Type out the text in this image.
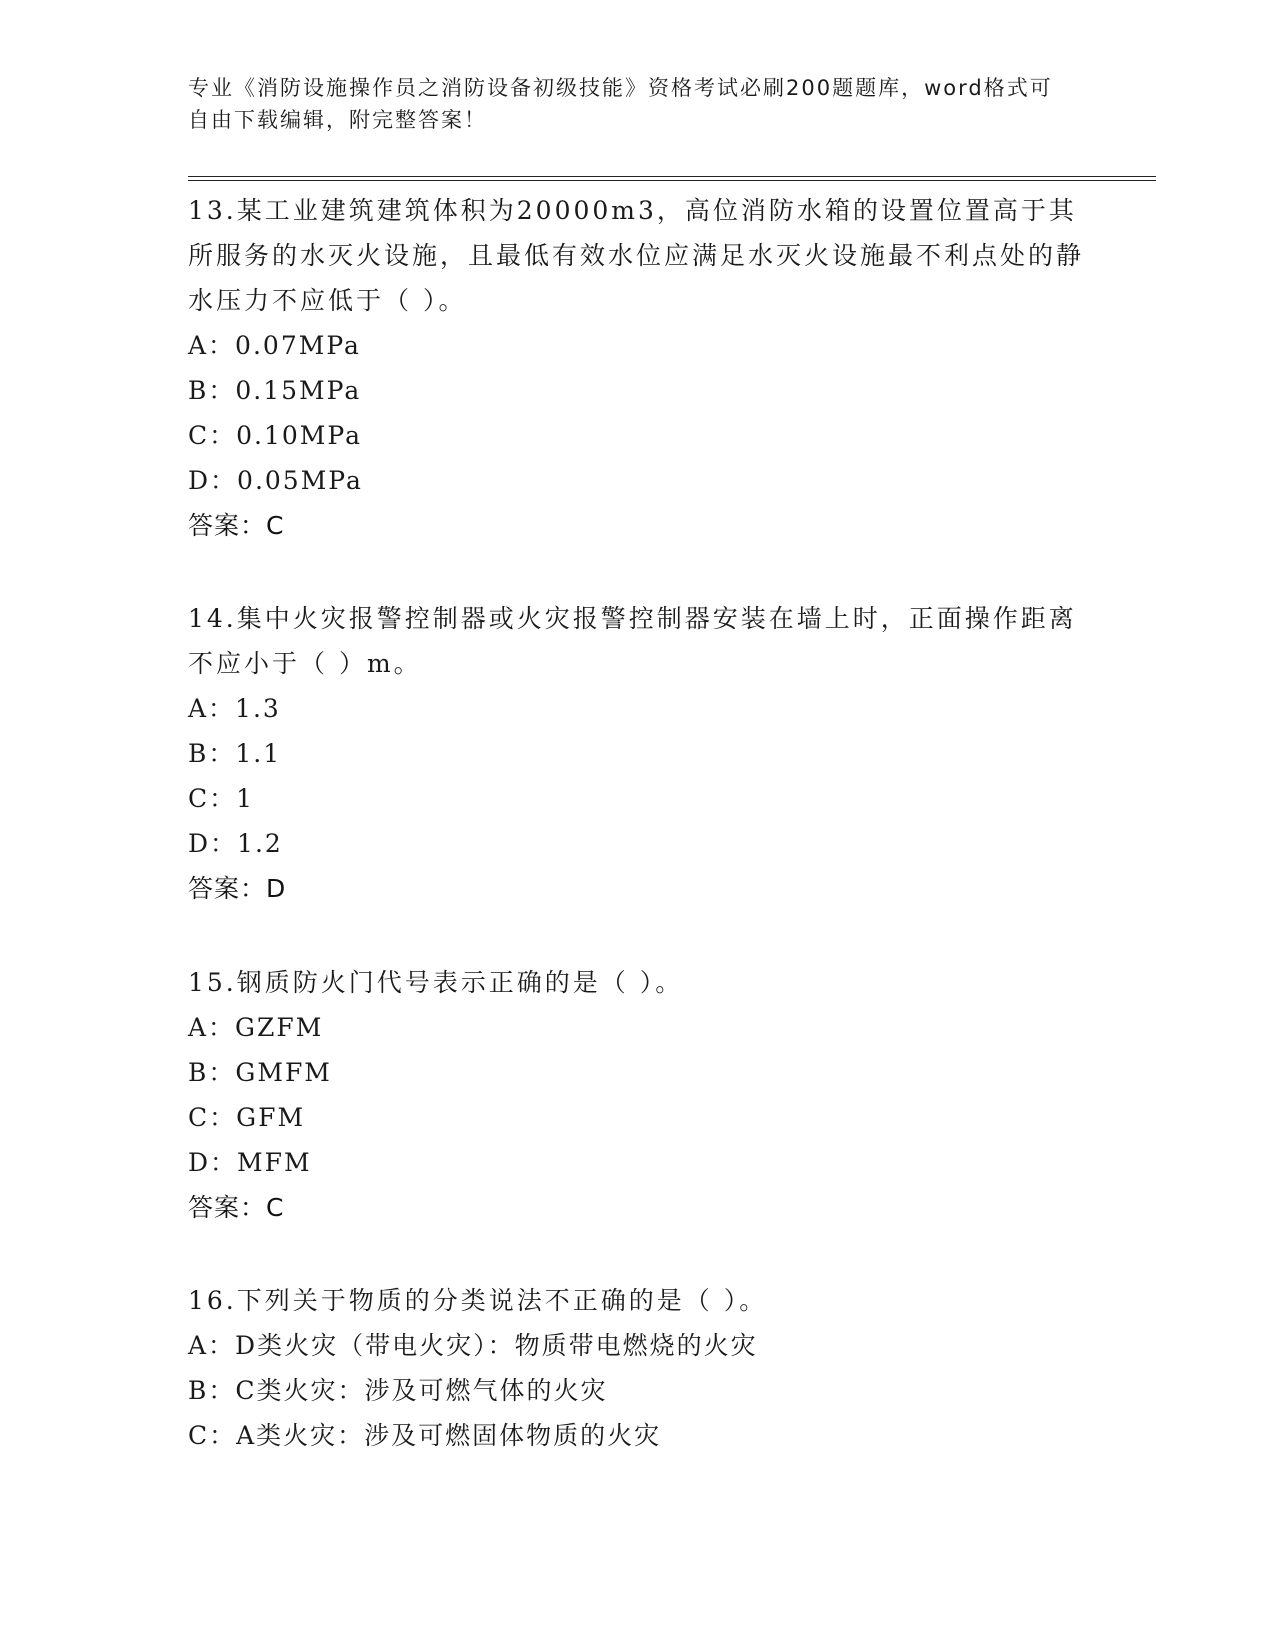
专业《消防设施操作员之消防设备初级技能》资格考试必刷200题题库，word格式可自由下载编辑，附完整答案！

13.某工业建筑建筑体积为20000m3，高位消防水箱的设置位置高于其所服务的水灭火设施，且最低有效水位应满足水灭火设施最不利点处的静水压力不应低于（ ）。

A：0.07MPa

B：0.15MPa

C：0.10MPa

D：0.05MPa

答案：C

14.集中火灾报警控制器或火灾报警控制器安装在墙上时，正面操作距离不应小于（ ）m。

A：1.3

B：1.1

C：1

D：1.2

答案：D

15.钢质防火门代号表示正确的是（ ）。

A：GZFM

B：GMFM

C：GFM

D：MFM

答案：C

16.下列关于物质的分类说法不正确的是（ ）。

A：D类火灾（带电火灾）：物质带电燃烧的火灾

B：C类火灾：涉及可燃气体的火灾

C：A类火灾：涉及可燃固体物质的火灾
